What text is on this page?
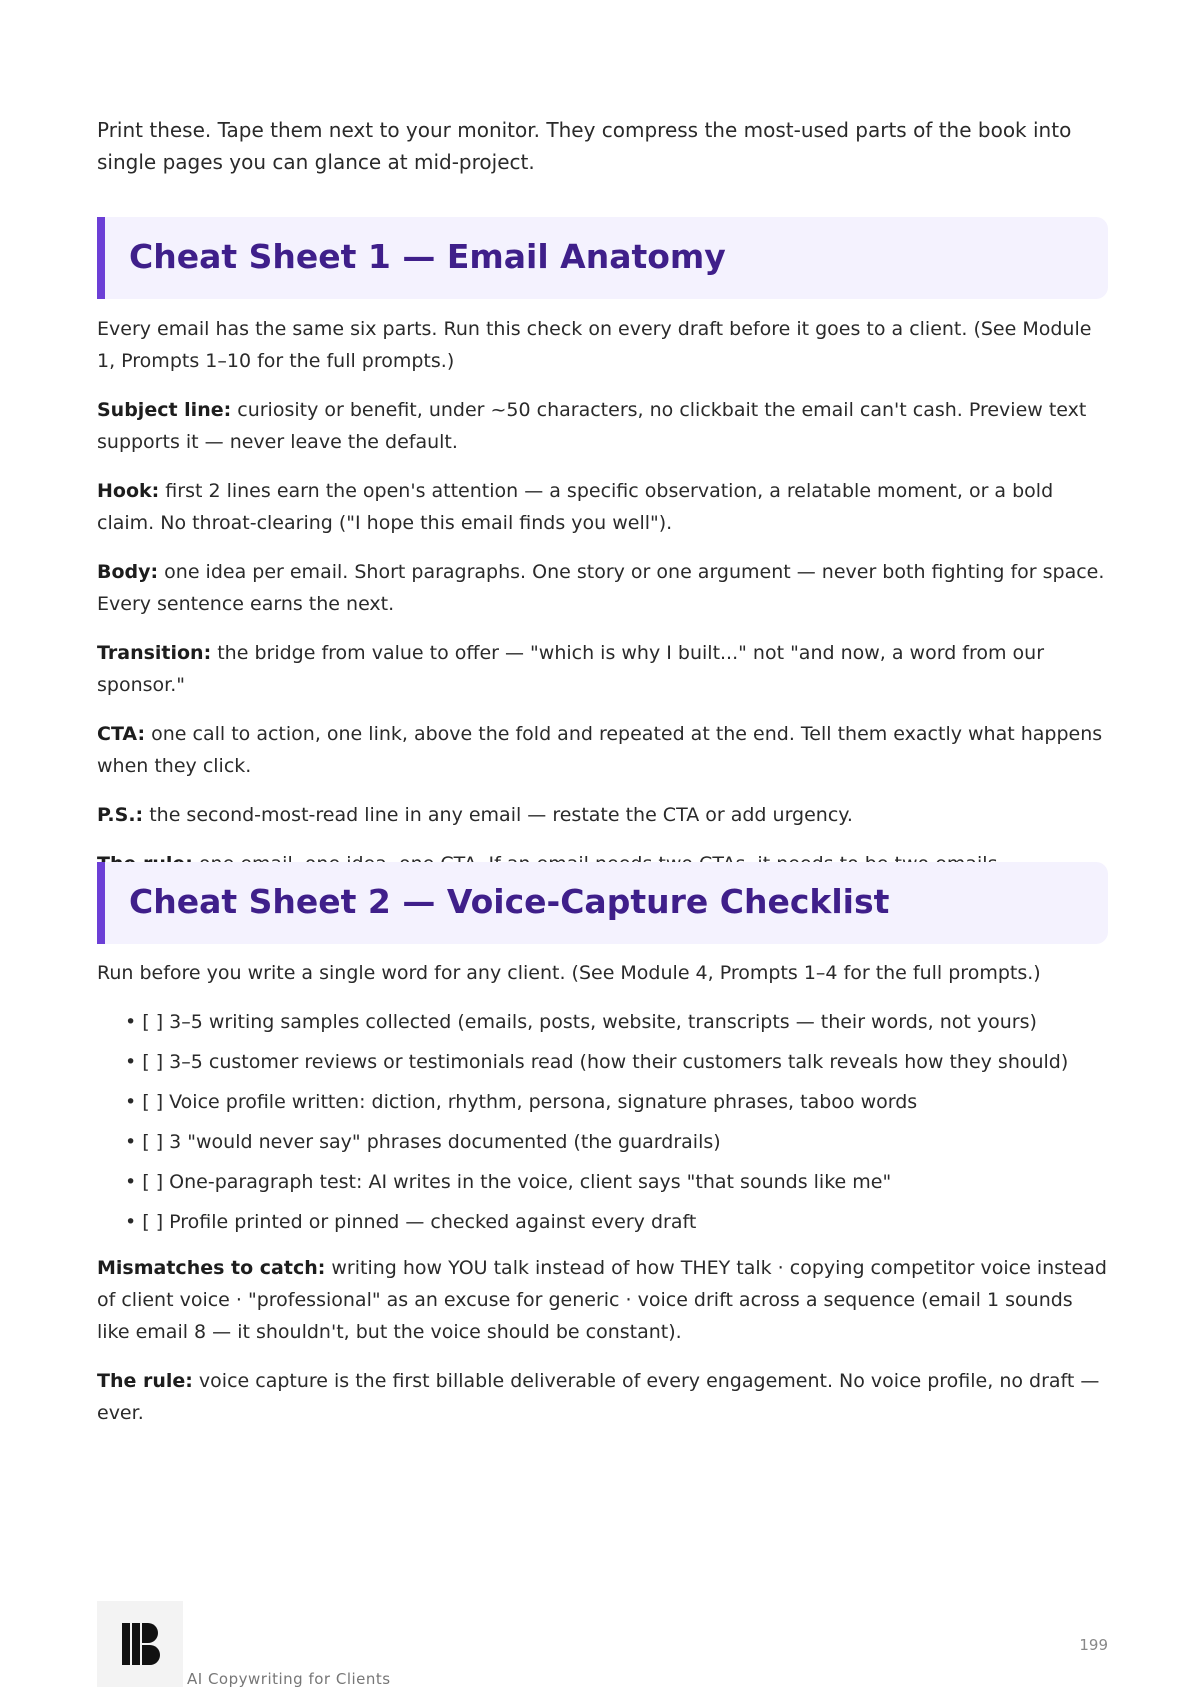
Print these. Tape them next to your monitor. They compress the most-used parts of the book into single pages you can glance at mid-project.

Cheat Sheet 1 — Email Anatomy

Every email has the same six parts. Run this check on every draft before it goes to a client. (See Module 1, Prompts 1–10 for the full prompts.)

Subject line: curiosity or benefit, under ~50 characters, no clickbait the email can't cash. Preview text supports it — never leave the default.

Hook: first 2 lines earn the open's attention — a specific observation, a relatable moment, or a bold claim. No throat-clearing ("I hope this email finds you well").

Body: one idea per email. Short paragraphs. One story or one argument — never both fighting for space. Every sentence earns the next.

Transition: the bridge from value to offer — "which is why I built..." not "and now, a word from our sponsor."

CTA: one call to action, one link, above the fold and repeated at the end. Tell them exactly what happens when they click.

P.S.: the second-most-read line in any email — restate the CTA or add urgency.

Cheat Sheet 2 — Voice-Capture Checklist

Run before you write a single word for any client. (See Module 4, Prompts 1–4 for the full prompts.)

• [ ] 3–5 writing samples collected (emails, posts, website, transcripts — their words, not yours)
• [ ] 3–5 customer reviews or testimonials read (how their customers talk reveals how they should)
• [ ] Voice profile written: diction, rhythm, persona, signature phrases, taboo words
• [ ] 3 "would never say" phrases documented (the guardrails)
• [ ] One-paragraph test: AI writes in the voice, client says "that sounds like me"
• [ ] Profile printed or pinned — checked against every draft

Mismatches to catch: writing how YOU talk instead of how THEY talk · copying competitor voice instead of client voice · "professional" as an excuse for generic · voice drift across a sequence (email 1 sounds like email 8 — it shouldn't, but the voice should be constant).

The rule: voice capture is the first billable deliverable of every engagement. No voice profile, no draft — ever.

AI Copywriting for Clients
199
